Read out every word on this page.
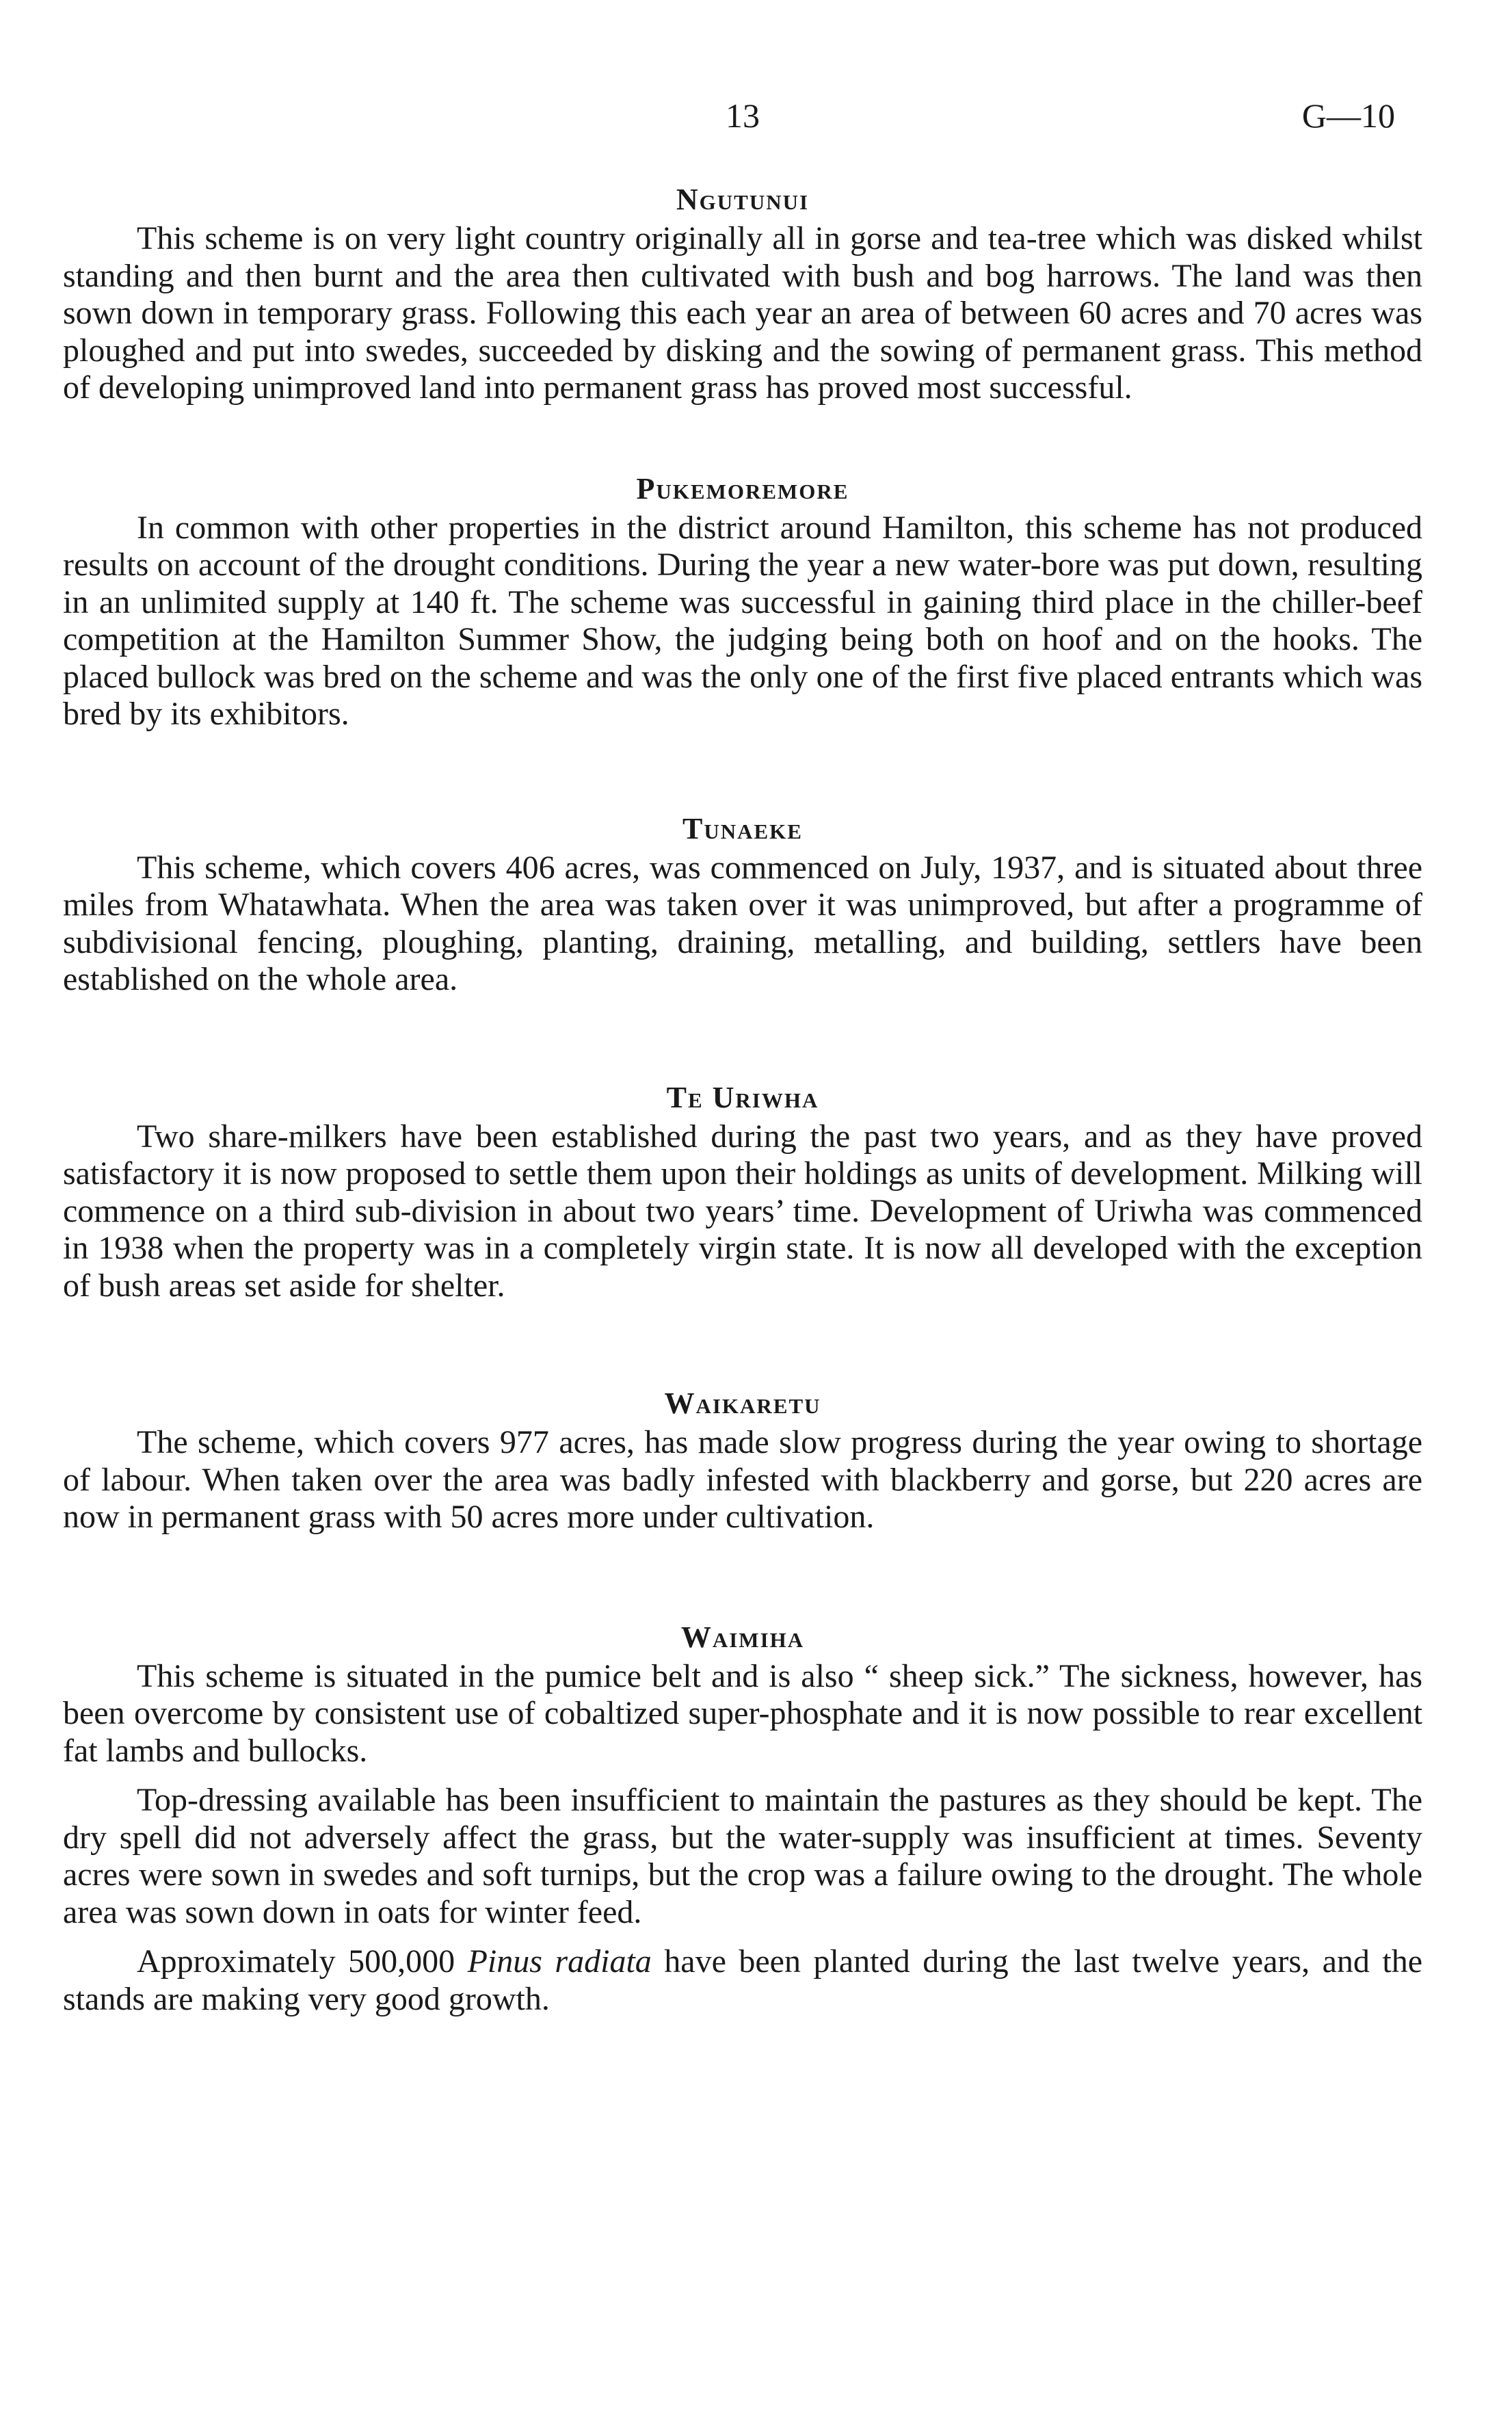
13	G—10
Ngutunui

This scheme is on very light country originally all in gorse and tea-tree which was disked whilst standing and then burnt and the area then cultivated with bush and bog harrows. The land was then sown down in temporary grass. Following this each year an area of between 60 acres and 70 acres was ploughed and put into swedes, succeeded by disking and the sowing of permanent grass. This method of developing unimproved land into permanent grass has proved most successful.

Pukemoremore

In common with other properties in the district around Hamilton, this scheme has not produced results on account of the drought conditions. During the year a new water-bore was put down, resulting in an unlimited supply at 140 ft. The scheme was successful in gaining third place in the chiller-beef competition at the Hamilton Summer Show, the judging being both on hoof and on the hooks. The placed bullock was bred on the scheme and was the only one of the first five placed entrants which was bred by its exhibitors.

Tunaeke

This scheme, which covers 406 acres, was commenced on July, 1937, and is situated about three miles from Whatawhata. When the area was taken over it was unimproved, but after a programme of subdivisional fencing, ploughing, planting, draining, metalling, and building, settlers have been established on the whole area.

Te Uriwha

Two share-milkers have been established during the past two years, and as they have proved satisfactory it is now proposed to settle them upon their holdings as units of development. Milking will commence on a third sub-division in about two years’ time. Development of Uriwha was commenced in 1938 when the property was in a completely virgin state. It is now all developed with the exception of bush areas set aside for shelter.

Waikaretu

The scheme, which covers 977 acres, has made slow progress during the year owing to shortage of labour. When taken over the area was badly infested with blackberry and gorse, but 220 acres are now in permanent grass with 50 acres more under cultivation.

Waimiha

This scheme is situated in the pumice belt and is also “ sheep sick.” The sickness, however, has been overcome by consistent use of cobaltized super-phosphate and it is now possible to rear excellent fat lambs and bullocks.

Top-dressing available has been insufficient to maintain the pastures as they should be kept. The dry spell did not adversely affect the grass, but the water-supply was insufficient at times. Seventy acres were sown in swedes and soft turnips, but the crop was a failure owing to the drought. The whole area was sown down in oats for winter feed.

Approximately 500,000 Pinus radiata have been planted during the last twelve years, and the stands are making very good growth.
